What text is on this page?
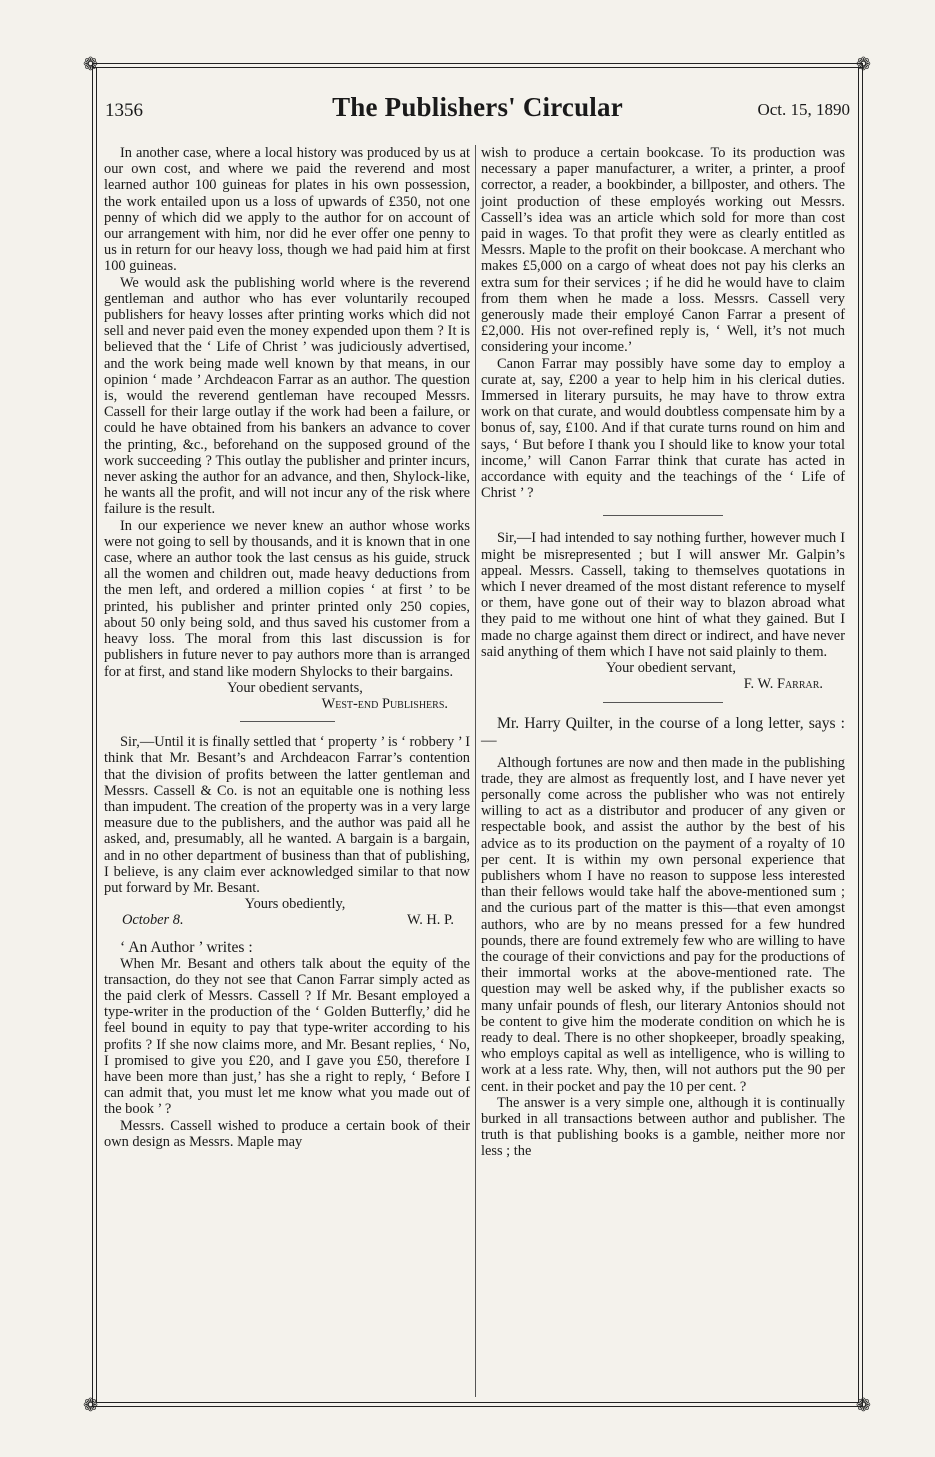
❁	❁
❁	❁
1356	The Publishers' Circular	Oct. 15, 1890

In another case, where a local history was produced by us at our own cost, and where we paid the reverend and most learned author 100 guineas for plates in his own possession, the work entailed upon us a loss of upwards of £350, not one penny of which did we apply to the author for on account of our arrangement with him, nor did he ever offer one penny to us in return for our heavy loss, though we had paid him at first 100 guineas.

We would ask the publishing world where is the reverend gentleman and author who has ever voluntarily recouped publishers for heavy losses after printing works which did not sell and never paid even the money expended upon them ? It is believed that the ‘ Life of Christ ’ was judiciously advertised, and the work being made well known by that means, in our opinion ‘ made ’ Archdeacon Farrar as an author. The question is, would the reverend gentleman have recouped Messrs. Cassell for their large outlay if the work had been a failure, or could he have obtained from his bankers an advance to cover the printing, &c., beforehand on the supposed ground of the work succeeding ? This outlay the publisher and printer incurs, never asking the author for an advance, and then, Shylock-like, he wants all the profit, and will not incur any of the risk where failure is the result.

In our experience we never knew an author whose works were not going to sell by thousands, and it is known that in one case, where an author took the last census as his guide, struck all the women and children out, made heavy deductions from the men left, and ordered a million copies ‘ at first ’ to be printed, his publisher and printer printed only 250 copies, about 50 only being sold, and thus saved his customer from a heavy loss. The moral from this last discussion is for publishers in future never to pay authors more than is arranged for at first, and stand like modern Shylocks to their bargains.

Your obedient servants,

West-end Publishers.

Sir,—Until it is finally settled that ‘ property ’ is ‘ robbery ’ I think that Mr. Besant’s and Archdeacon Farrar’s contention that the division of profits between the latter gentleman and Messrs. Cassell & Co. is not an equitable one is nothing less than impudent. The creation of the property was in a very large measure due to the publishers, and the author was paid all he asked, and, presumably, all he wanted. A bargain is a bargain, and in no other department of business than that of publishing, I believe, is any claim ever acknowledged similar to that now put forward by Mr. Besant.

Yours obediently,

October 8.	W. H. P.

‘ An Author ’ writes :

When Mr. Besant and others talk about the equity of the transaction, do they not see that Canon Farrar simply acted as the paid clerk of Messrs. Cassell ? If Mr. Besant employed a type-writer in the production of the ‘ Golden Butterfly,’ did he feel bound in equity to pay that type-writer according to his profits ? If she now claims more, and Mr. Besant replies, ‘ No, I promised to give you £20, and I gave you £50, therefore I have been more than just,’ has she a right to reply, ‘ Before I can admit that, you must let me know what you made out of the book ’ ?

Messrs. Cassell wished to produce a certain book of their own design as Messrs. Maple may

wish to produce a certain bookcase. To its production was necessary a paper manufacturer, a writer, a printer, a proof corrector, a reader, a bookbinder, a billposter, and others. The joint production of these employés working out Messrs. Cassell’s idea was an article which sold for more than cost paid in wages. To that profit they were as clearly entitled as Messrs. Maple to the profit on their bookcase. A merchant who makes £5,000 on a cargo of wheat does not pay his clerks an extra sum for their services ; if he did he would have to claim from them when he made a loss. Messrs. Cassell very generously made their employé Canon Farrar a present of £2,000. His not over-refined reply is, ‘ Well, it’s not much considering your income.’

Canon Farrar may possibly have some day to employ a curate at, say, £200 a year to help him in his clerical duties. Immersed in literary pursuits, he may have to throw extra work on that curate, and would doubtless compensate him by a bonus of, say, £100. And if that curate turns round on him and says, ‘ But before I thank you I should like to know your total income,’ will Canon Farrar think that curate has acted in accordance with equity and the teachings of the ‘ Life of Christ ’ ?

Sir,—I had intended to say nothing further, however much I might be misrepresented ; but I will answer Mr. Galpin’s appeal. Messrs. Cassell, taking to themselves quotations in which I never dreamed of the most distant reference to myself or them, have gone out of their way to blazon abroad what they paid to me without one hint of what they gained. But I made no charge against them direct or indirect, and have never said anything of them which I have not said plainly to them.

Your obedient servant,

F. W. Farrar.

Mr. Harry Quilter, in the course of a long letter, says :—

Although fortunes are now and then made in the publishing trade, they are almost as frequently lost, and I have never yet personally come across the publisher who was not entirely willing to act as a distributor and producer of any given or respectable book, and assist the author by the best of his advice as to its production on the payment of a royalty of 10 per cent. It is within my own personal experience that publishers whom I have no reason to suppose less interested than their fellows would take half the above-mentioned sum ; and the curious part of the matter is this—that even amongst authors, who are by no means pressed for a few hundred pounds, there are found extremely few who are willing to have the courage of their convictions and pay for the productions of their immortal works at the above-mentioned rate. The question may well be asked why, if the publisher exacts so many unfair pounds of flesh, our literary Antonios should not be content to give him the moderate condition on which he is ready to deal. There is no other shopkeeper, broadly speaking, who employs capital as well as intelligence, who is willing to work at a less rate. Why, then, will not authors put the 90 per cent. in their pocket and pay the 10 per cent. ?

The answer is a very simple one, although it is continually burked in all transactions between author and publisher. The truth is that publishing books is a gamble, neither more nor less ; the
